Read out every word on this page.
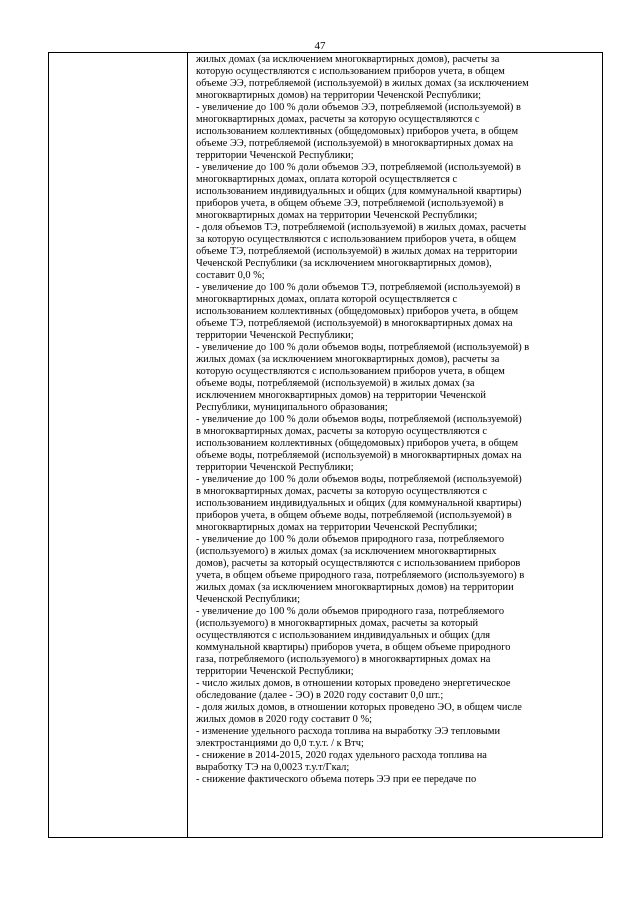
47
жилых домах (за исключением многоквартирных домов), расчеты за
которую осуществляются с использованием приборов учета, в общем
объеме ЭЭ, потребляемой (используемой) в жилых домах (за исключением
многоквартирных домов) на территории Чеченской Республики;
- увеличение до 100 % доли объемов ЭЭ, потребляемой (используемой) в
многоквартирных домах, расчеты за которую осуществляются с
использованием коллективных (общедомовых) приборов учета, в общем
объеме ЭЭ, потребляемой (используемой) в многоквартирных домах на
территории Чеченской Республики;
- увеличение до 100 % доли объемов ЭЭ, потребляемой (используемой) в
многоквартирных домах, оплата которой осуществляется с
использованием индивидуальных и общих (для коммунальной квартиры)
приборов учета, в общем объеме ЭЭ, потребляемой (используемой) в
многоквартирных домах на территории Чеченской Республики;
- доля объемов ТЭ, потребляемой (используемой) в жилых домах, расчеты
за которую осуществляются с использованием приборов учета, в общем
объеме ТЭ, потребляемой (используемой) в жилых домах на территории
Чеченской Республики (за исключением многоквартирных домов),
составит 0,0 %;
- увеличение до 100 % доли объемов ТЭ, потребляемой (используемой) в
многоквартирных домах, оплата которой осуществляется с
использованием коллективных (общедомовых) приборов учета, в общем
объеме ТЭ, потребляемой (используемой) в многоквартирных домах на
территории Чеченской Республики;
- увеличение до 100 % доли объемов воды, потребляемой (используемой) в
жилых домах (за исключением многоквартирных домов), расчеты за
которую осуществляются с использованием приборов учета, в общем
объеме воды, потребляемой (используемой) в жилых домах (за
исключением многоквартирных домов) на территории Чеченской
Республики, муниципального образования;
- увеличение до 100 % доли объемов воды, потребляемой (используемой)
в многоквартирных домах, расчеты за которую осуществляются с
использованием коллективных (общедомовых) приборов учета, в общем
объеме воды, потребляемой (используемой) в многоквартирных домах на
территории Чеченской Республики;
- увеличение до 100 % доли объемов воды, потребляемой (используемой)
в многоквартирных домах, расчеты за которую осуществляются с
использованием индивидуальных и общих (для коммунальной квартиры)
приборов учета, в общем объеме воды, потребляемой (используемой) в
многоквартирных домах на территории Чеченской Республики;
- увеличение до 100 % доли объемов природного газа, потребляемого
(используемого) в жилых домах (за исключением многоквартирных
домов), расчеты за который осуществляются с использованием приборов
учета, в общем объеме природного газа, потребляемого (используемого) в
жилых домах (за исключением многоквартирных домов) на территории
Чеченской Республики;
- увеличение до 100 % доли объемов природного газа, потребляемого
(используемого) в многоквартирных домах, расчеты за который
осуществляются с использованием индивидуальных и общих (для
коммунальной квартиры) приборов учета, в общем объеме природного
газа, потребляемого (используемого) в многоквартирных домах на
территории Чеченской Республики;
- число жилых домов, в отношении которых проведено энергетическое
обследование (далее - ЭО) в 2020 году составит 0,0 шт.;
- доля жилых домов, в отношении которых проведено ЭО, в общем числе
жилых домов в 2020 году составит 0 %;
- изменение удельного расхода топлива на выработку ЭЭ тепловыми
электростанциями до 0,0 т.у.т. / к Втч;
- снижение в 2014-2015, 2020 годах удельного расхода топлива на
выработку ТЭ на 0,0023 т.у.т/Гкал;
- снижение фактического объема потерь ЭЭ при ее передаче по
